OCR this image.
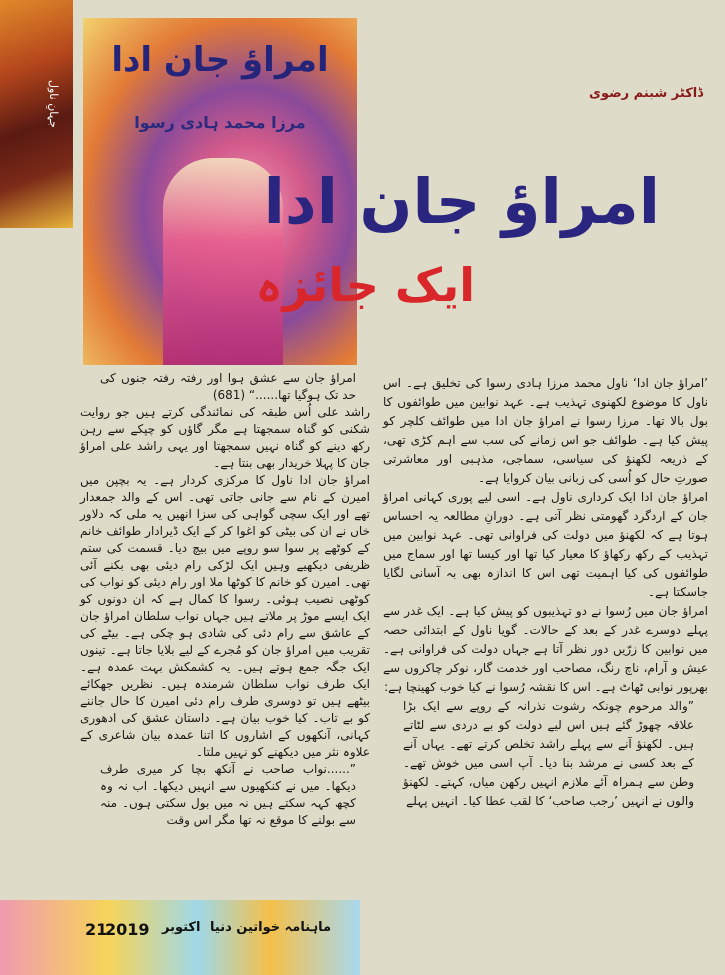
جہانِ ناول
امراؤ جان ادا
مرزا محمد ہادی رسوا
ڈاکٹر شبنم رضوی
امراؤ جان ادا
ایک جائزہ

’امراؤ جان ادا‘ ناول محمد مرزا ہادی رسوا کی تخلیق ہے۔ اس ناول کا موضوع لکھنوی تہذیب ہے۔ عہد نوابین میں طوائفوں کا بول بالا تھا۔ مرزا رسوا نے امراؤ جان ادا میں طوائف کلچر کو پیش کیا ہے۔ طوائف جو اس زمانے کی سب سے اہم کڑی تھی، کے ذریعہ لکھنؤ کی سیاسی، سماجی، مذہبی اور معاشرتی صورتِ حال کو اُسی کی زبانی بیان کروایا ہے۔

امراؤ جان ادا ایک کرداری ناول ہے۔ اسی لیے پوری کہانی امراؤ جان کے اردگرد گھومتی نظر آتی ہے۔ دورانِ مطالعہ یہ احساس ہوتا ہے کہ لکھنؤ میں دولت کی فراوانی تھی۔ عہد نوابین میں تہذیب کے رکھ رکھاؤ کا معیار کیا تھا اور کیسا تھا اور سماج میں طوائفوں کی کیا اہمیت تھی اس کا اندازہ بھی بہ آسانی لگایا جاسکتا ہے۔

امراؤ جان میں رُسوا نے دو تہذیبوں کو پیش کیا ہے۔ ایک غدر سے پہلے دوسرے غدر کے بعد کے حالات۔ گویا ناول کے ابتدائی حصہ میں نوابین کا زرّیں دور نظر آتا ہے جہاں دولت کی فراوانی ہے۔ عیش و آرام، ناچ رنگ، مصاحب اور خدمت گار، نوکر چاکروں سے بھرپور نوابی ٹھاٹ ہے۔ اس کا نقشہ رُسوا نے کیا خوب کھینچا ہے:

”والد مرحوم چونکہ رشوت نذرانہ کے روپے سے ایک بڑا علاقہ چھوڑ گئے ہیں اس لیے دولت کو بے دردی سے لٹاتے ہیں۔ لکھنؤ آنے سے پہلے راشد تخلص کرتے تھے۔ یہاں آنے کے بعد کسی نے مرشد بنا دیا۔ آپ اسی میں خوش تھے۔ وطن سے ہمراہ آئے ملازم انہیں رکھن میاں، کہتے۔ لکھنؤ والوں نے انہیں ’رجب صاحب‘ کا لقب عطا کیا۔ انہیں پہلے

امراؤ جان سے عشق ہوا اور رفتہ رفتہ جنوں کی حد تک ہوگیا تھا......“ (681)

راشد علی اُس طبقہ کی نمائندگی کرتے ہیں جو روایت شکنی کو گناہ سمجھتا ہے مگر گاؤں کو چپکے سے رہن رکھ دینے کو گناہ نہیں سمجھتا اور یہی راشد علی امراؤ جان کا پہلا خریدار بھی بنتا ہے۔

امراؤ جان ادا ناول کا مرکزی کردار ہے۔ یہ بچپن میں امیرن کے نام سے جانی جاتی تھی۔ اس کے والد جمعدار تھے اور ایک سچی گواہی کی سزا انھیں یہ ملی کہ دلاور خاں نے ان کی بیٹی کو اغوا کر کے ایک ڈیرادار طوائف خانم کے کوٹھے پر سوا سو روپے میں بیچ دیا۔ قسمت کی ستم ظریفی دیکھیے وہیں ایک لڑکی رام دیئی بھی بکنے آئی تھی۔ امیرن کو خانم کا کوٹھا ملا اور رام دیئی کو نواب کی کوٹھی نصیب ہوئی۔ رسوا کا کمال ہے کہ ان دونوں کو ایک ایسے موڑ پر ملاتے ہیں جہاں نواب سلطان امراؤ جان کے عاشق سے رام دئی کی شادی ہو چکی ہے۔ بیٹے کی تقریب میں امراؤ جان کو مُجرے کے لیے بلایا جاتا ہے۔ تینوں ایک جگہ جمع ہوتے ہیں۔ یہ کشمکش بہت عمدہ ہے۔ ایک طرف نواب سلطان شرمندہ ہیں۔ نظریں جھکائے بیٹھے ہیں تو دوسری طرف رام دئی امیرن کا حال جاننے کو بے تاب۔ کیا خوب بیان ہے۔ داستان عشق کی ادھوری کہانی، آنکھوں کے اشاروں کا اتنا عمدہ بیان شاعری کے علاوہ نثر میں دیکھنے کو نہیں ملتا۔

”......نواب صاحب نے آنکھ بچا کر میری طرف دیکھا۔ میں نے کنکھیوں سے انہیں دیکھا۔ اب نہ وہ کچھ کہہ سکتے ہیں نہ میں بول سکتی ہوں۔ منہ سے بولنے کا موقع نہ تھا مگر اس وقت

ماہنامہ خواتین دنیا
اکتوبر
2019
21
